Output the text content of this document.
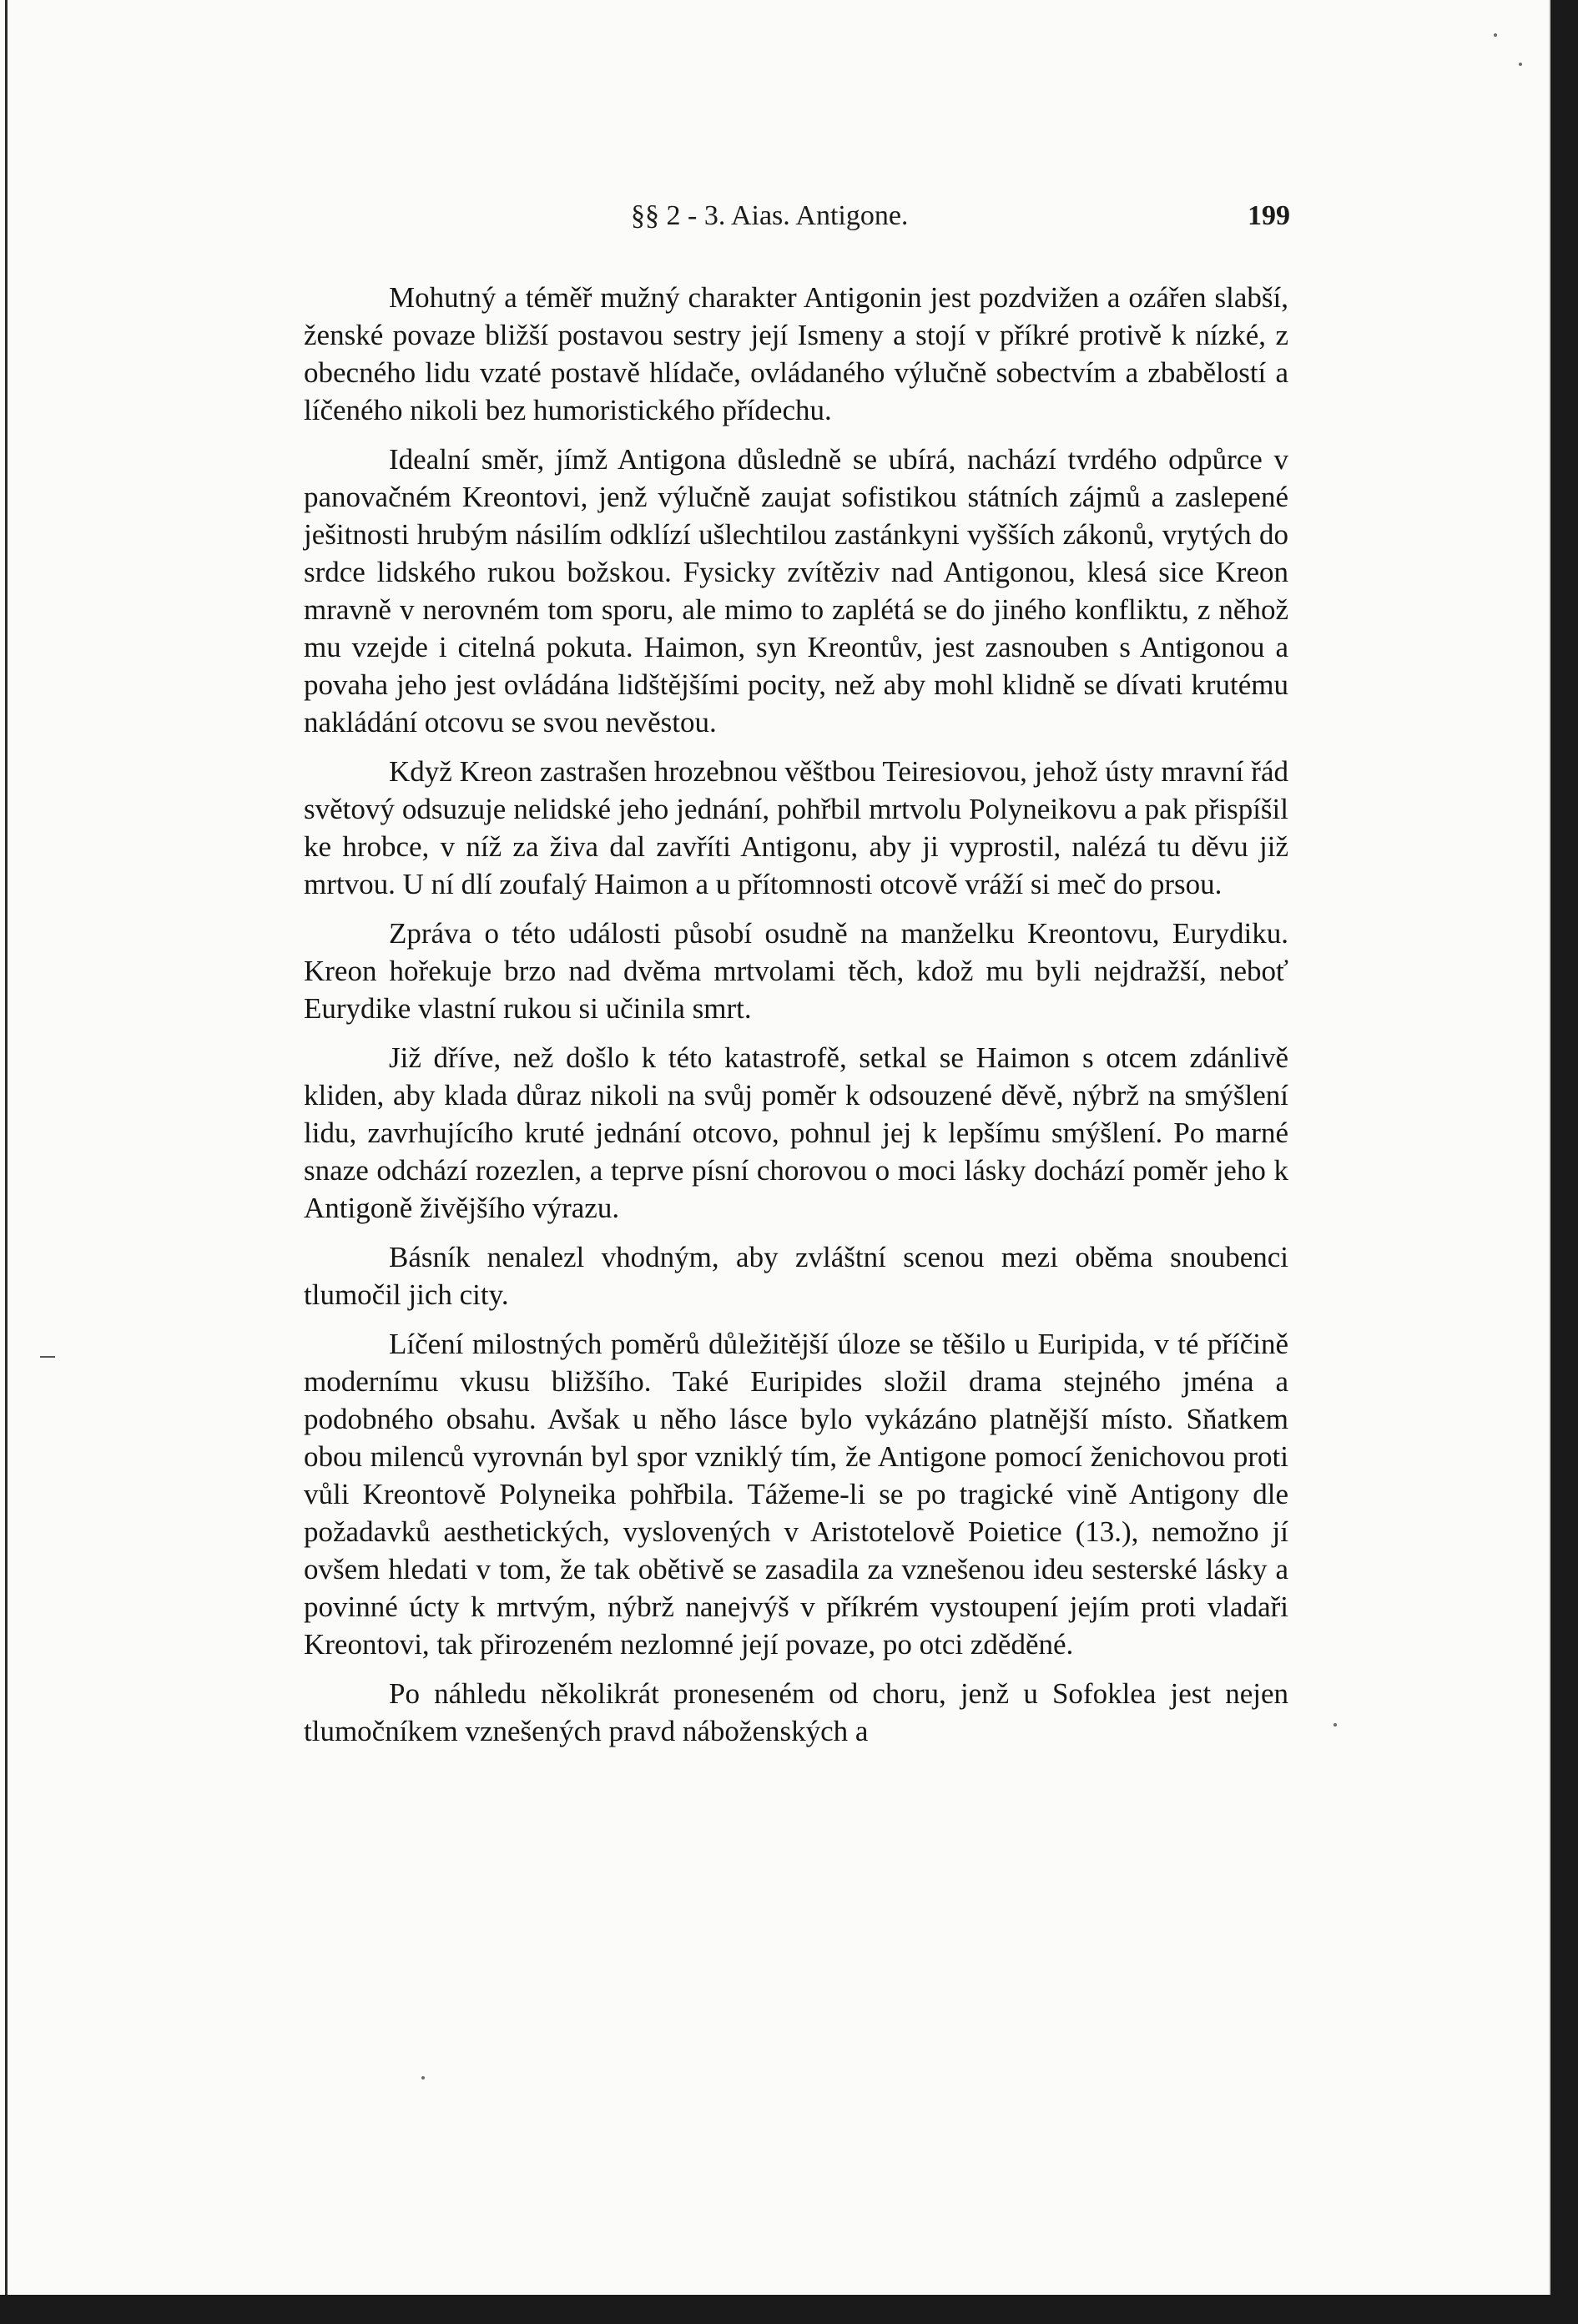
§§ 2 - 3. Aias. Antigone.	199

Mohutný a téměř mužný charakter Antigonin jest pozdvižen a ozářen slabší, ženské povaze bližší postavou sestry její Ismeny a stojí v příkré protivě k nízké, z obecného lidu vzaté postavě hlídače, ovládaného výlučně sobectvím a zbabělostí a líčeného nikoli bez humoristického přídechu.

Idealní směr, jímž Antigona důsledně se ubírá, nachází tvrdého odpůrce v panovačném Kreontovi, jenž výlučně zaujat sofistikou státních zájmů a zaslepené ješitnosti hrubým násilím odklízí ušlechtilou zastánkyni vyšších zákonů, vrytých do srdce lidského rukou božskou. Fysicky zvítěziv nad Antigonou, klesá sice Kreon mravně v nerovném tom sporu, ale mimo to zaplétá se do jiného konfliktu, z něhož mu vzejde i citelná pokuta. Haimon, syn Kreontův, jest zasnouben s Antigonou a povaha jeho jest ovládána lidštějšími pocity, než aby mohl klidně se dívati krutému nakládání otcovu se svou nevěstou.

Když Kreon zastrašen hrozebnou věštbou Teiresiovou, jehož ústy mravní řád světový odsuzuje nelidské jeho jednání, pohřbil mrtvolu Polyneikovu a pak přispíšil ke hrobce, v níž za živa dal zavříti Antigonu, aby ji vyprostil, nalézá tu děvu již mrtvou. U ní dlí zoufalý Haimon a u přítomnosti otcově vráží si meč do prsou.

Zpráva o této události působí osudně na manželku Kreontovu, Eurydiku. Kreon hořekuje brzo nad dvěma mrtvolami těch, kdož mu byli nejdražší, neboť Eurydike vlastní rukou si učinila smrt.

Již dříve, než došlo k této katastrofě, setkal se Haimon s otcem zdánlivě kliden, aby klada důraz nikoli na svůj poměr k odsouzené děvě, nýbrž na smýšlení lidu, zavrhujícího kruté jednání otcovo, pohnul jej k lepšímu smýšlení. Po marné snaze odchází rozezlen, a teprve písní chorovou o moci lásky dochází poměr jeho k Antigoně živějšího výrazu.

Básník nenalezl vhodným, aby zvláštní scenou mezi oběma snoubenci tlumočil jich city.

Líčení milostných poměrů důležitější úloze se těšilo u Euripida, v té příčině modernímu vkusu bližšího. Také Euripides složil drama stejného jména a podobného obsahu. Avšak u něho lásce bylo vykázáno platnější místo. Sňatkem obou milenců vyrovnán byl spor vzniklý tím, že Antigone pomocí ženichovou proti vůli Kreontově Polyneika pohřbila. Tážeme-li se po tragické vině Antigony dle požadavků aesthetických, vyslovených v Aristotelově Poietice (13.), nemožno jí ovšem hledati v tom, že tak obětivě se zasadila za vznešenou ideu sesterské lásky a povinné úcty k mrtvým, nýbrž nanejvýš v příkrém vystoupení jejím proti vladaři Kreontovi, tak přirozeném nezlomné její povaze, po otci zděděné.

Po náhledu několikrát proneseném od choru, jenž u Sofoklea jest nejen tlumočníkem vznešených pravd náboženských a
